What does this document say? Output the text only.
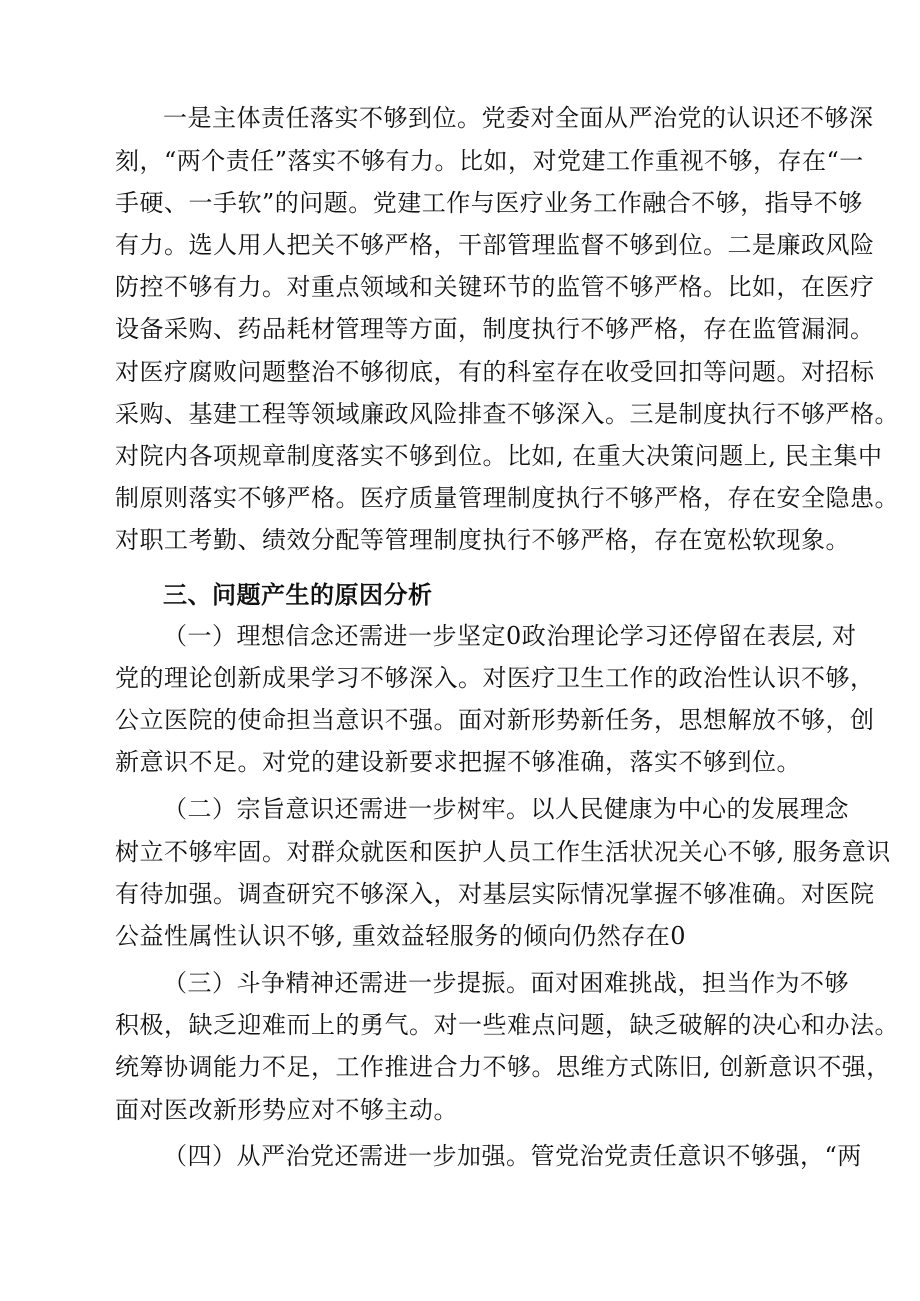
一是主体责任落实不够到位。党委对全面从严治党的认识还不够深
刻，“两个责任”落实不够有力。比如，对党建工作重视不够，存在“一
手硬、一手软”的问题。党建工作与医疗业务工作融合不够，指导不够
有力。选人用人把关不够严格，干部管理监督不够到位。二是廉政风险
防控不够有力。对重点领域和关键环节的监管不够严格。比如，在医疗
设备采购、药品耗材管理等方面，制度执行不够严格，存在监管漏洞。
对医疗腐败问题整治不够彻底，有的科室存在收受回扣等问题。对招标
采购、基建工程等领域廉政风险排查不够深入。三是制度执行不够严格。
对院内各项规章制度落实不够到位。比如, 在重大决策问题上, 民主集中
制原则落实不够严格。医疗质量管理制度执行不够严格，存在安全隐患。
对职工考勤、绩效分配等管理制度执行不够严格，存在宽松软现象。
三、问题产生的原因分析
（一）理想信念还需进一步坚定0政治理论学习还停留在表层, 对
党的理论创新成果学习不够深入。对医疗卫生工作的政治性认识不够，
公立医院的使命担当意识不强。面对新形势新任务，思想解放不够，创
新意识不足。对党的建设新要求把握不够准确，落实不够到位。
（二）宗旨意识还需进一步树牢。以人民健康为中心的发展理念
树立不够牢固。对群众就医和医护人员工作生活状况关心不够, 服务意识
有待加强。调查研究不够深入，对基层实际情况掌握不够准确。对医院
公益性属性认识不够, 重效益轻服务的倾向仍然存在0
（三）斗争精神还需进一步提振。面对困难挑战，担当作为不够
积极，缺乏迎难而上的勇气。对一些难点问题，缺乏破解的决心和办法。
统筹协调能力不足，工作推进合力不够。思维方式陈旧, 创新意识不强，
面对医改新形势应对不够主动。
（四）从严治党还需进一步加强。管党治党责任意识不够强，“两
